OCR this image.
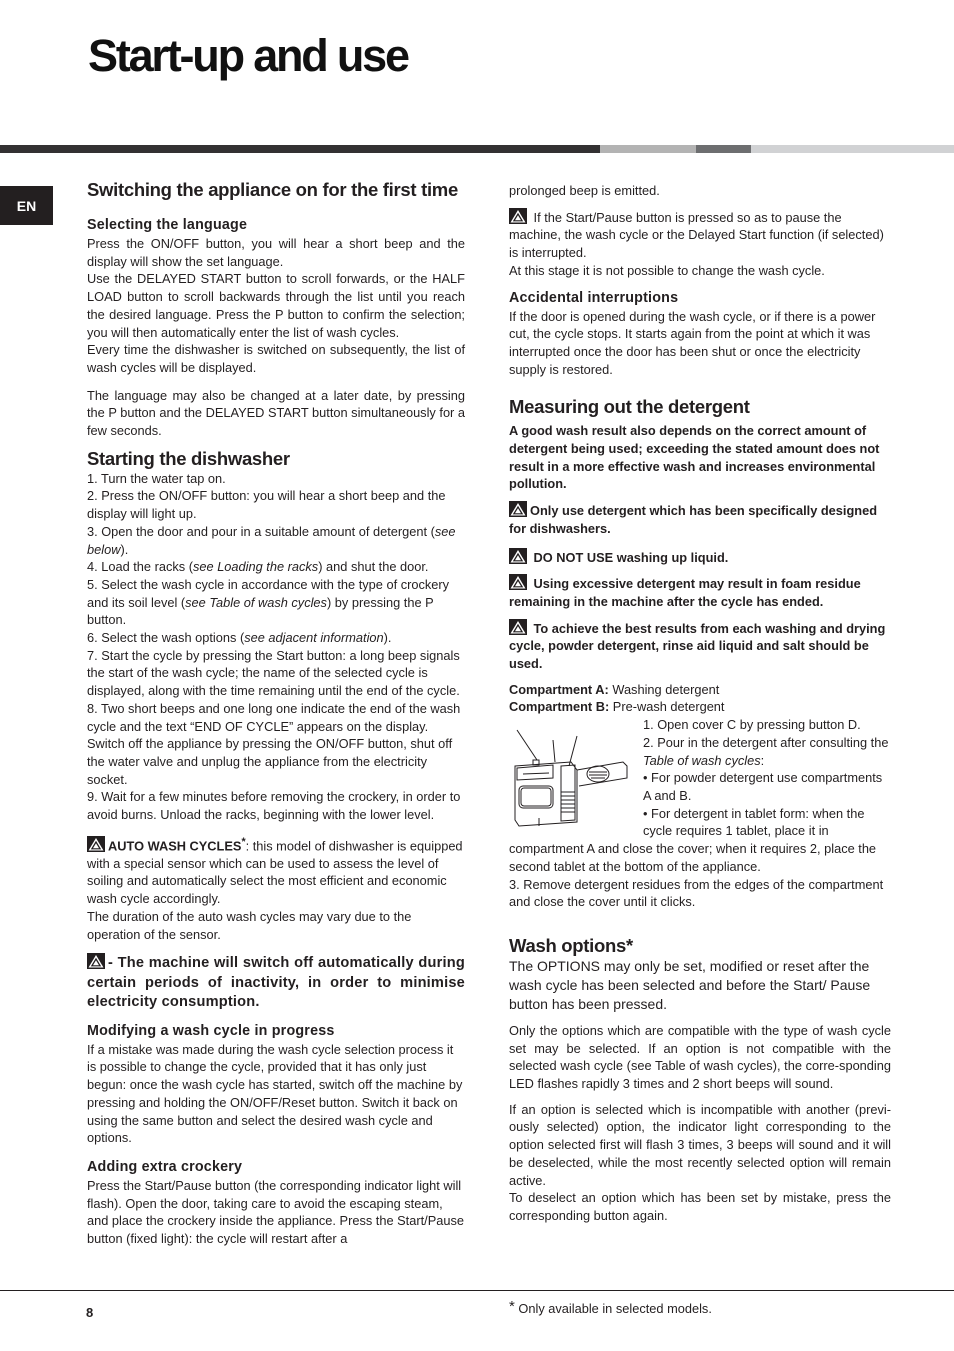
Start-up and use
EN
Switching the appliance on for the first time
Selecting the language

Press the ON/OFF button, you will hear a short beep and the display will show the set language.

Use the DELAYED START button to scroll forwards, or the HALF LOAD button to scroll backwards through the list until you reach the desired language. Press the P button to confirm the selection; you will then automatically enter the list of wash cycles.

Every time the dishwasher is switched on subsequently, the list of wash cycles will be displayed.

The language may also be changed at a later date, by pressing the P button and the DELAYED START button simultaneously for a few seconds.

Starting the dishwasher

1. Turn the water tap on.

2. Press the ON/OFF button: you will hear a short beep and the display will light up.

3. Open the door and pour in a suitable amount of detergent (see below).

4. Load the racks (see Loading the racks) and shut the door.

5. Select the wash cycle in accordance with the type of crockery and its soil level (see Table of wash cycles) by pressing the P button.

6. Select the wash options (see adjacent information).

7. Start the cycle by pressing the Start button: a long beep signals the start of the wash cycle; the name of the selected cycle is displayed, along with the time remaining until the end of the cycle.

8. Two short beeps and one long one indicate the end of the wash cycle and the text “END OF CYCLE” appears on the display. Switch off the appliance by pressing the ON/OFF button, shut off the water valve and unplug the appliance from the electricity socket.

9. Wait for a few minutes before removing the crockery, in order to avoid burns. Unload the racks, beginning with the lower level.

AUTO WASH CYCLES*: this model of dishwasher is equipped with a special sensor which can be used to assess the level of soiling and automatically select the most efficient and economic wash cycle accordingly.

The duration of the auto wash cycles may vary due to the operation of the sensor.

- The machine will switch off automatically during certain periods of inactivity, in order to minimise electricity consumption.

Modifying a wash cycle in progress

If a mistake was made during the wash cycle selection process it is possible to change the cycle, provided that it has only just begun: once the wash cycle has started, switch off the machine by pressing and holding the ON/OFF/Reset button. Switch it back on using the same button and select the desired wash cycle and options.

Adding extra crockery

Press the Start/Pause button (the corresponding indicator light will flash). Open the door, taking care to avoid the escaping steam, and place the crockery inside the appliance. Press the Start/Pause button (fixed light): the cycle will restart after a

prolonged beep is emitted.

If the Start/Pause button is pressed so as to pause the machine, the wash cycle or the Delayed Start function (if selected) is interrupted.

At this stage it is not possible to change the wash cycle.

Accidental interruptions

If the door is opened during the wash cycle, or if there is a power cut, the cycle stops. It starts again from the point at which it was interrupted once the door has been shut or once the electricity supply is restored.

Measuring out the detergent

A good wash result also depends on the correct amount of detergent being used; exceeding the stated amount does not result in a more effective wash and increases environmental pollution.

Only use detergent which has been specifically designed for dishwashers.

DO NOT USE washing up liquid.

Using excessive detergent may result in foam residue remaining in the machine after the cycle has ended.

To achieve the best results from each washing and drying cycle, powder detergent, rinse aid liquid and salt should be used.

Compartment A: Washing detergent

Compartment B: Pre-wash detergent

1. Open cover C by pressing button D.

2. Pour in the detergent after consulting the Table of wash cycles:

• For powder detergent use compartments A and B.

• For detergent in tablet form: when the cycle requires 1 tablet, place it in compartment A and close the cover; when it requires 2, place the second tablet at the bottom of the appliance.

3. Remove detergent residues from the edges of the compartment and close the cover until it clicks.

Wash options*

The OPTIONS may only be set, modified or reset after the wash cycle has been selected and before the Start/ Pause button has been pressed.

Only the options which are compatible with the type of wash cycle set may be selected. If an option is not compatible with the selected wash cycle (see Table of wash cycles), the corre-sponding LED flashes rapidly 3 times and 2 short beeps will sound.

If an option is selected which is incompatible with another (previ-ously selected) option, the indicator light corresponding to the option selected first will flash 3 times, 3 beeps will sound and it will be deselected, while the most recently selected option will remain active.

To deselect an option which has been set by mistake, press the corresponding button again.

8	* Only available in selected models.
